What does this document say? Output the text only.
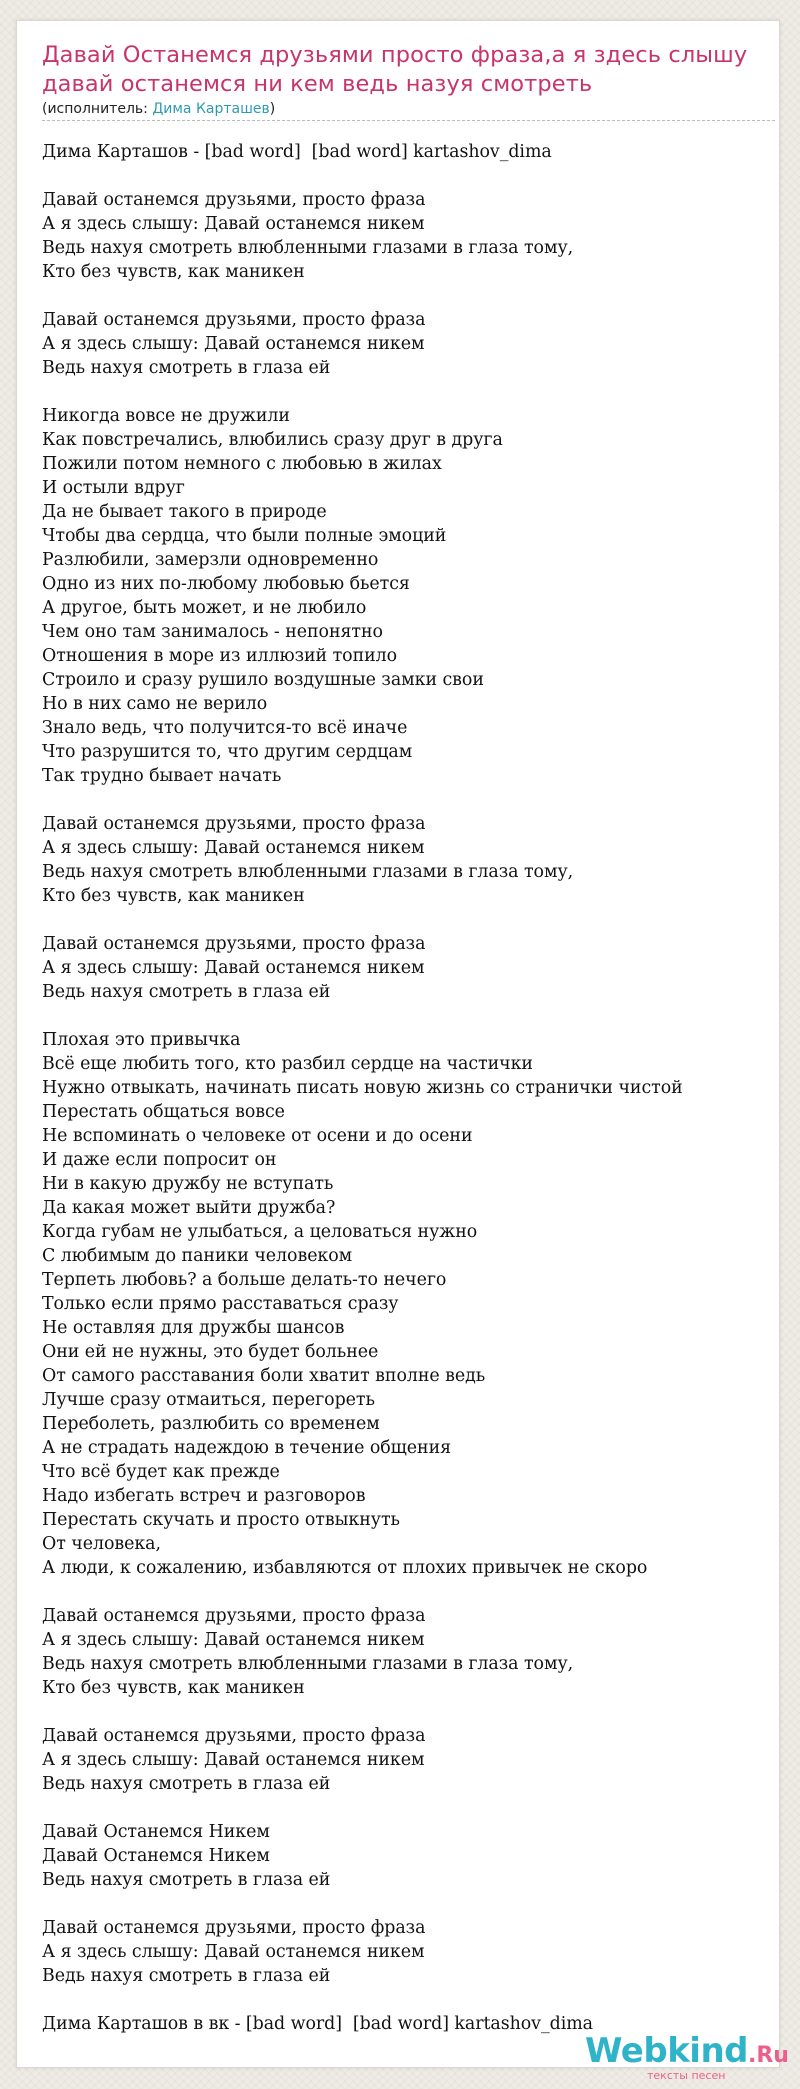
Давай Останемся друзьями просто фраза,а я здесь слышу давай останемся ни кем ведь назуя смотреть
(исполнитель: Дима Карташев)
Дима Карташов - [bad word]  [bad word] kartashov_dima

Давай останемся друзьями, просто фраза
А я здесь слышу: Давай останемся никем
Ведь нахуя смотреть влюбленными глазами в глаза тому,
Кто без чувств, как маникен

Давай останемся друзьями, просто фраза
А я здесь слышу: Давай останемся никем
Ведь нахуя смотреть в глаза ей

Никогда вовсе не дружили
Как повстречались, влюбились сразу друг в друга
Пожили потом немного с любовью в жилах
И остыли вдруг
Да не бывает такого в природе
Чтобы два сердца, что были полные эмоций
Разлюбили, замерзли одновременно
Одно из них по-любому любовью бьется
А другое, быть может, и не любило
Чем оно там занималось - непонятно
Отношения в море из иллюзий топило
Строило и сразу рушило воздушные замки свои
Но в них само не верило
Знало ведь, что получится-то всё иначе
Что разрушится то, что другим сердцам
Так трудно бывает начать

Давай останемся друзьями, просто фраза
А я здесь слышу: Давай останемся никем
Ведь нахуя смотреть влюбленными глазами в глаза тому,
Кто без чувств, как маникен

Давай останемся друзьями, просто фраза
А я здесь слышу: Давай останемся никем
Ведь нахуя смотреть в глаза ей

Плохая это привычка
Всё еще любить того, кто разбил сердце на частички
Нужно отвыкать, начинать писать новую жизнь со странички чистой
Перестать общаться вовсе
Не вспоминать о человеке от осени и до осени
И даже если попросит он
Ни в какую дружбу не вступать
Да какая может выйти дружба?
Когда губам не улыбаться, а целоваться нужно
С любимым до паники человеком
Терпеть любовь? а больше делать-то нечего
Только если прямо расставаться сразу
Не оставляя для дружбы шансов
Они ей не нужны, это будет больнее
От самого расставания боли хватит вполне ведь
Лучше сразу отмаиться, перегореть
Переболеть, разлюбить со временем
А не страдать надеждою в течение общения
Что всё будет как прежде
Надо избегать встреч и разговоров
Перестать скучать и просто отвыкнуть
От человека,
А люди, к сожалению, избавляются от плохих привычек не скоро

Давай останемся друзьями, просто фраза
А я здесь слышу: Давай останемся никем
Ведь нахуя смотреть влюбленными глазами в глаза тому,
Кто без чувств, как маникен

Давай останемся друзьями, просто фраза
А я здесь слышу: Давай останемся никем
Ведь нахуя смотреть в глаза ей

Давай Останемся Никем
Давай Останемся Никем
Ведь нахуя смотреть в глаза ей

Давай останемся друзьями, просто фраза
А я здесь слышу: Давай останемся никем
Ведь нахуя смотреть в глаза ей

Дима Карташов в вк - [bad word]  [bad word] kartashov_dima
Webkind.Ru
тексты песен
